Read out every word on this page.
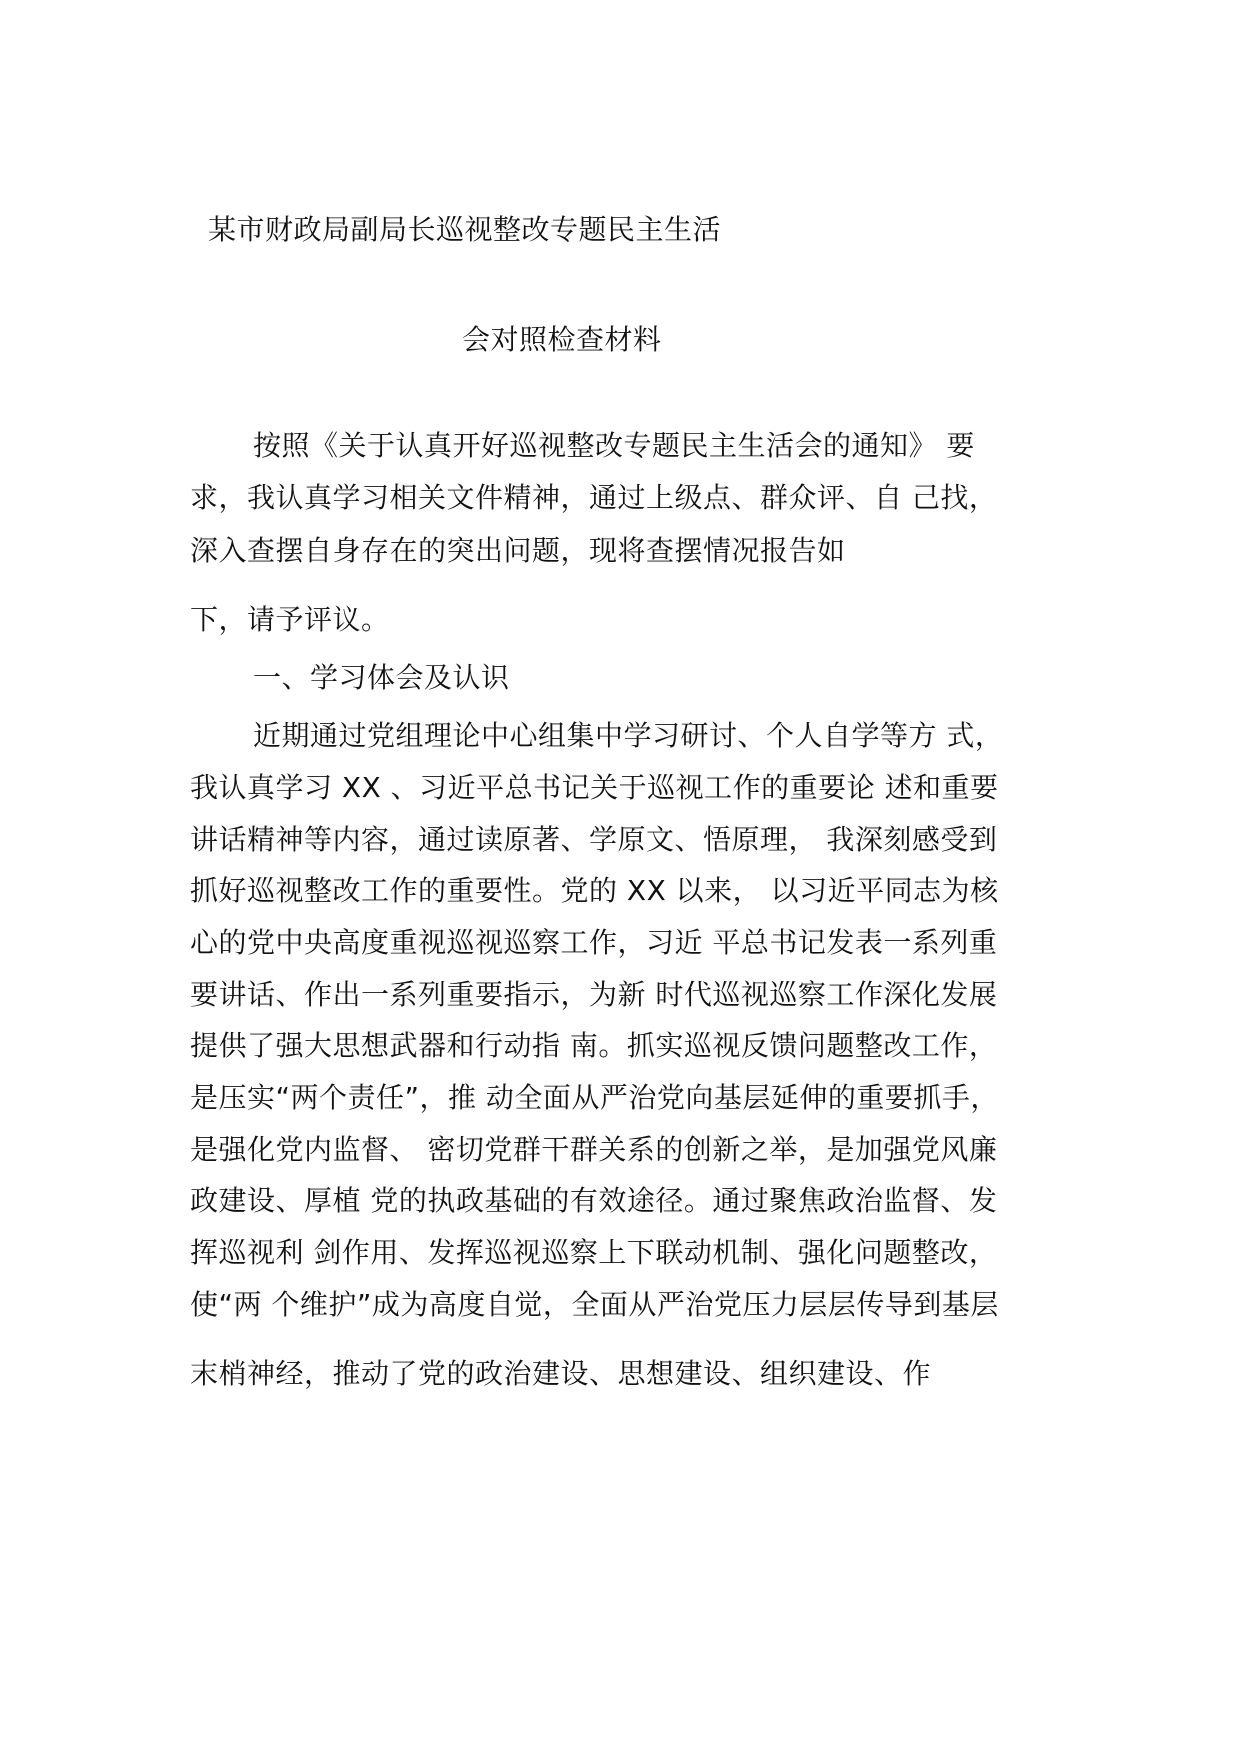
某市财政局副局长巡视整改专题民主生活
会对照检查材料
按照《关于认真开好巡视整改专题民主生活会的通知》 要
求，我认真学习相关文件精神，通过上级点、群众评、自 己找，
深入查摆自身存在的突出问题，现将查摆情况报告如
下，请予评议。
一、学习体会及认识
近期通过党组理论中心组集中学习研讨、个人自学等方 式，
我认真学习 XX 、习近平总书记关于巡视工作的重要论 述和重要
讲话精神等内容，通过读原著、学原文、悟原理， 我深刻感受到
抓好巡视整改工作的重要性。党的 XX 以来， 以习近平同志为核
心的党中央高度重视巡视巡察工作，习近 平总书记发表一系列重
要讲话、作出一系列重要指示，为新 时代巡视巡察工作深化发展
提供了强大思想武器和行动指 南。抓实巡视反馈问题整改工作，
是压实“两个责任”，推 动全面从严治党向基层延伸的重要抓手，
是强化党内监督、 密切党群干群关系的创新之举，是加强党风廉
政建设、厚植 党的执政基础的有效途径。通过聚焦政治监督、发
挥巡视利 剑作用、发挥巡视巡察上下联动机制、强化问题整改，
使“两 个维护”成为高度自觉，全面从严治党压力层层传导到基层
末梢神经，推动了党的政治建设、思想建设、组织建设、作
